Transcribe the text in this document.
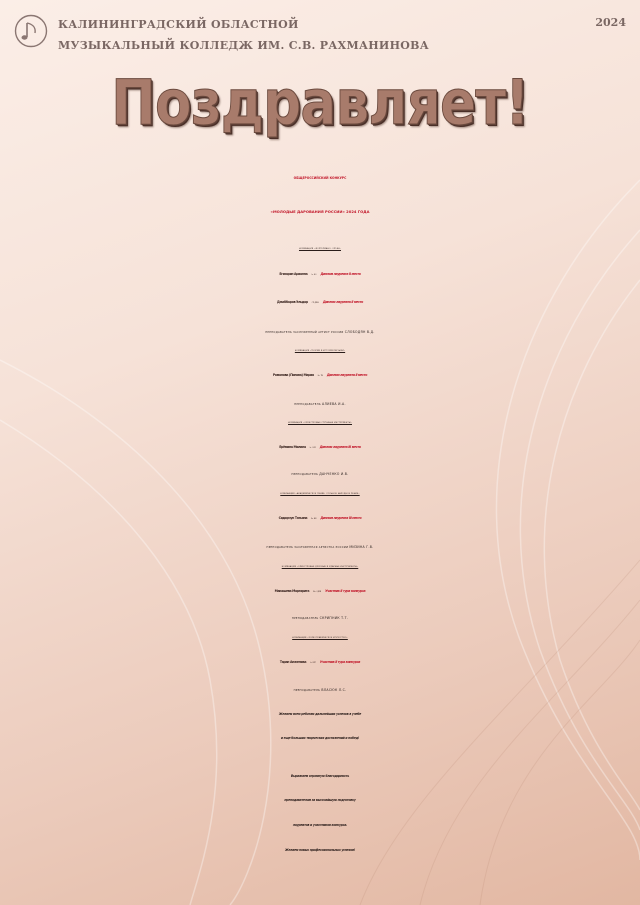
КАЛИНИНГРАДСКИЙ ОБЛАСТНОЙ
МУЗЫКАЛЬНЫЙ КОЛЛЕДЖ ИМ. С.В. РАХМАНИНОВА
2024
Поздравляет!
ОБЩЕРОССИЙСКИЙ КОНКУРС
«МОЛОДЫЕ ДАРОВАНИЯ РОССИИ» 2024 ГОДА
НОМИНАЦИЯ «ФОРТЕПИАНО, ОРГАН»
Егязарян Арианна Iк. ФО Диплом лауреата II место
Джаббаров Эльдар СП ДМШ Диплом лауреата II место
ПРЕПОДАВАТЕЛЬ ЗАСЛУЖЕННЫЙ АРТИСТ РОССИИ СЛОБОДЯН В.Д.
НОМИНАЦИЯ «ТЕОРИЯ И ИСТОРИЯ МУЗЫКИ»
Романова (Попова) Мария IIк. ТМ Диплом лауреата II место
ПРЕПОДАВАТЕЛЬ АЛИЕВА И.А.
НОМИНАЦИЯ «ОРКЕСТРОВЫЕ СТРУННЫЕ ИНСТРУМЕНТЫ»
Ерёмина Милана Iк. ОСИ Диплом лауреата III место
ПРЕПОДАВАТЕЛЬ ДАНЧЕНКО И.В.
НОМИНАЦИЯ «АКАДЕМИЧЕСКОЕ ПЕНИЕ, СОЛЬНОЕ НАРОДНОЕ ПЕНИЕ»
Сидорчук Татьяна IIк. ВИ Диплом лауреата III место
ПРЕПОДАВАТЕЛЬ ЗАСЛУЖЕННАЯ АРТИСТКА РОССИИ МИЗИНА Г.В.
НОМИНАЦИЯ «ОРКЕСТРОВЫЕ ДУХОВЫЕ И УДАРНЫЕ ИНСТРУМЕНТЫ»
Макашева Маргарита IIIк. ОДУИ Участник II тура конкурса
ПРЕПОДАВАТЕЛЬ СКРИПНИК Т.Т.
НОМИНАЦИЯ «ХОРЕОГРАФИЧЕСКОЕ ИСКУССТВО»
Таран Анжелика Iк. ИХТ Участник II тура конкурса
ПРЕПОДАВАТЕЛЬ ВЛАСЮК Л.С.
Желаем всем ребятам дальнейших успехов в учебе
и еще больших творческих достижений и побед!
Выражаем огромную благодарность
преподавателям за высочайшую подготовку
лауреатов и участников конкурса.
Желаем новых профессиональных успехов!
